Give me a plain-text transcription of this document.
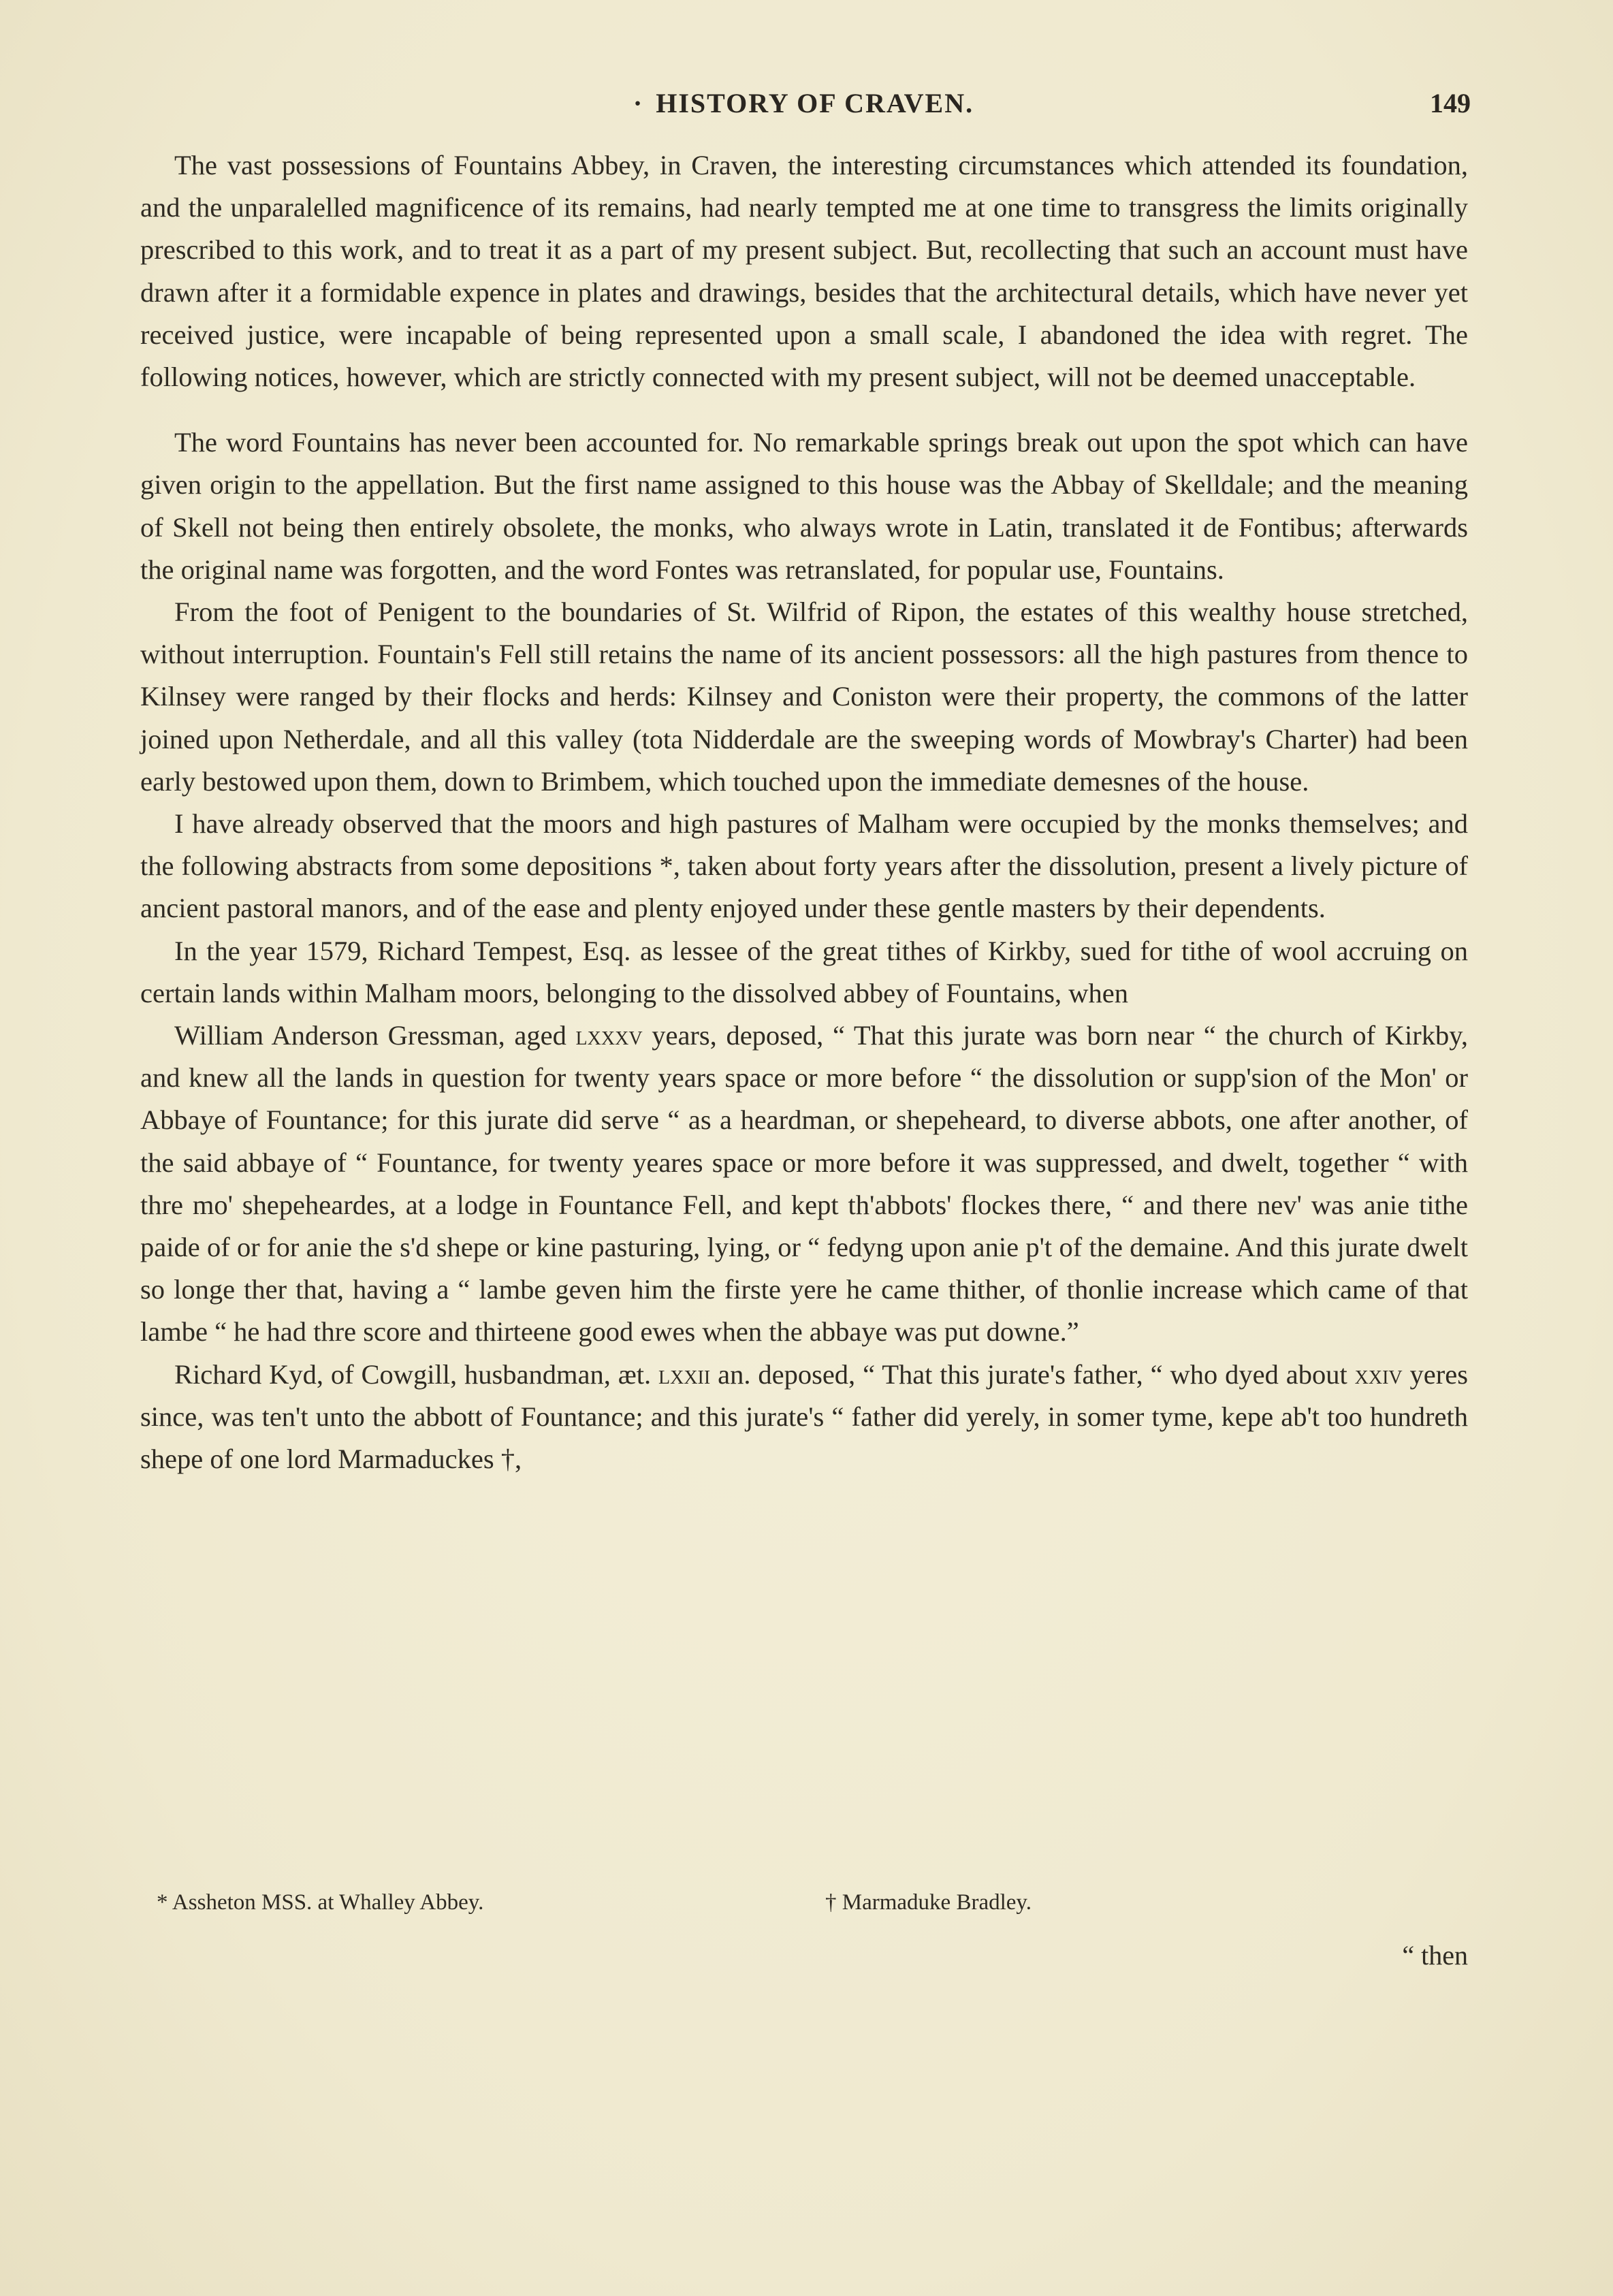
· HISTORY OF CRAVEN.	149

The vast possessions of Fountains Abbey, in Craven, the interesting circumstances which attended its foundation, and the unparalelled magnificence of its remains, had nearly tempted me at one time to transgress the limits originally prescribed to this work, and to treat it as a part of my present subject. But, recollecting that such an account must have drawn after it a formidable expence in plates and drawings, besides that the architectural details, which have never yet received justice, were incapable of being represented upon a small scale, I abandoned the idea with regret. The following notices, however, which are strictly connected with my present subject, will not be deemed unacceptable.

The word Fountains has never been accounted for. No remarkable springs break out upon the spot which can have given origin to the appellation. But the first name assigned to this house was the Abbay of Skelldale; and the meaning of Skell not being then entirely obsolete, the monks, who always wrote in Latin, translated it de Fontibus; afterwards the original name was forgotten, and the word Fontes was retranslated, for popular use, Fountains.

From the foot of Penigent to the boundaries of St. Wilfrid of Ripon, the estates of this wealthy house stretched, without interruption. Fountain's Fell still retains the name of its ancient possessors: all the high pastures from thence to Kilnsey were ranged by their flocks and herds: Kilnsey and Coniston were their property, the commons of the latter joined upon Netherdale, and all this valley (tota Nidderdale are the sweeping words of Mowbray's Charter) had been early bestowed upon them, down to Brimbem, which touched upon the immediate demesnes of the house.

I have already observed that the moors and high pastures of Malham were occupied by the monks themselves; and the following abstracts from some depositions *, taken about forty years after the dissolution, present a lively picture of ancient pastoral manors, and of the ease and plenty enjoyed under these gentle masters by their dependents.

In the year 1579, Richard Tempest, Esq. as lessee of the great tithes of Kirkby, sued for tithe of wool accruing on certain lands within Malham moors, belonging to the dissolved abbey of Fountains, when

William Anderson Gressman, aged lxxxv years, deposed, “ That this jurate was born near “ the church of Kirkby, and knew all the lands in question for twenty years space or more before “ the dissolution or supp'sion of the Mon' or Abbaye of Fountance; for this jurate did serve “ as a heardman, or shepeheard, to diverse abbots, one after another, of the said abbaye of “ Fountance, for twenty yeares space or more before it was suppressed, and dwelt, together “ with thre mo' shepeheardes, at a lodge in Fountance Fell, and kept th'abbots' flockes there, “ and there nev' was anie tithe paide of or for anie the s'd shepe or kine pasturing, lying, or “ fedyng upon anie p't of the demaine. And this jurate dwelt so longe ther that, having a “ lambe geven him the firste yere he came thither, of thonlie increase which came of that lambe “ he had thre score and thirteene good ewes when the abbaye was put downe.”

Richard Kyd, of Cowgill, husbandman, æt. lxxii an. deposed, “ That this jurate's father, “ who dyed about xxiv yeres since, was ten't unto the abbott of Fountance; and this jurate's “ father did yerely, in somer tyme, kepe ab't too hundreth shepe of one lord Marmaduckes †,

* Assheton MSS. at Whalley Abbey.	† Marmaduke Bradley.
“ then
